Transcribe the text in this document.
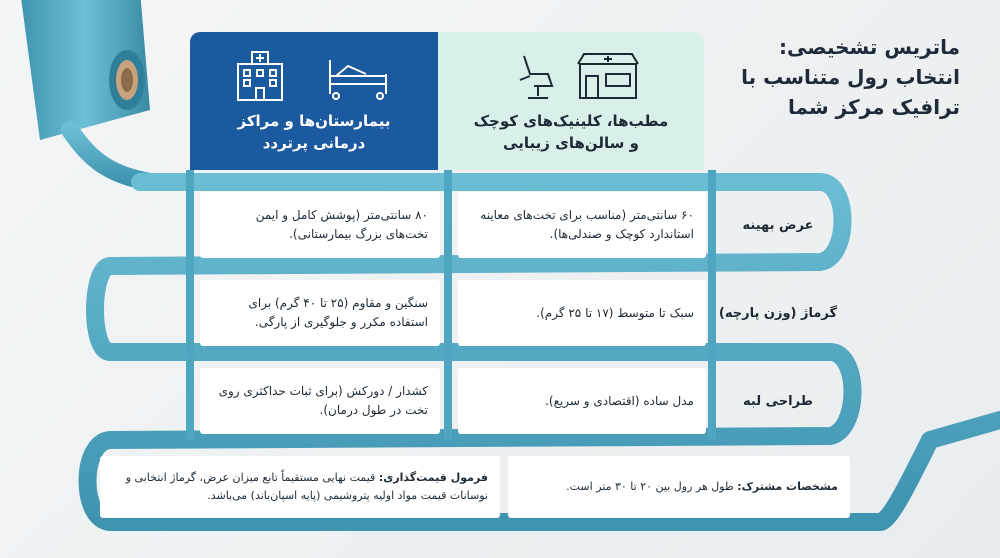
ماتریس تشخیصی:
انتخاب رول متناسب با
ترافیک مرکز شما
بیمارستان‌ها و مراکز
درمانی پرتردد
مطب‌ها، کلینیک‌های کوچک
و سالن‌های زیبایی
۸۰ سانتی‌متر (پوشش کامل و ایمن تخت‌های بزرگ بیمارستانی).
۶۰ سانتی‌متر (مناسب برای تخت‌های معاینه استاندارد کوچک و صندلی‌ها).
عرض بهینه
سنگین و مقاوم (۲۵ تا ۴۰ گرم) برای استفاده مکرر و جلوگیری از پارگی.
سبک تا متوسط (۱۷ تا ۲۵ گرم). گرماژ (وزن پارچه)
کشدار / دورکش (برای ثبات حداکثری روی تخت در طول درمان).
مدل ساده (اقتصادی و سریع).	طراحی لبه
فرمول قیمت‌گذاری: قیمت نهایی مستقیماً تابع میزان عرض، گرماژ انتخابی و نوسانات قیمت مواد اولیه پتروشیمی (پایه اسپان‌باند) می‌باشد.
مشخصات مشترک: طول هر رول بین ۲۰ تا ۳۰ متر است.
